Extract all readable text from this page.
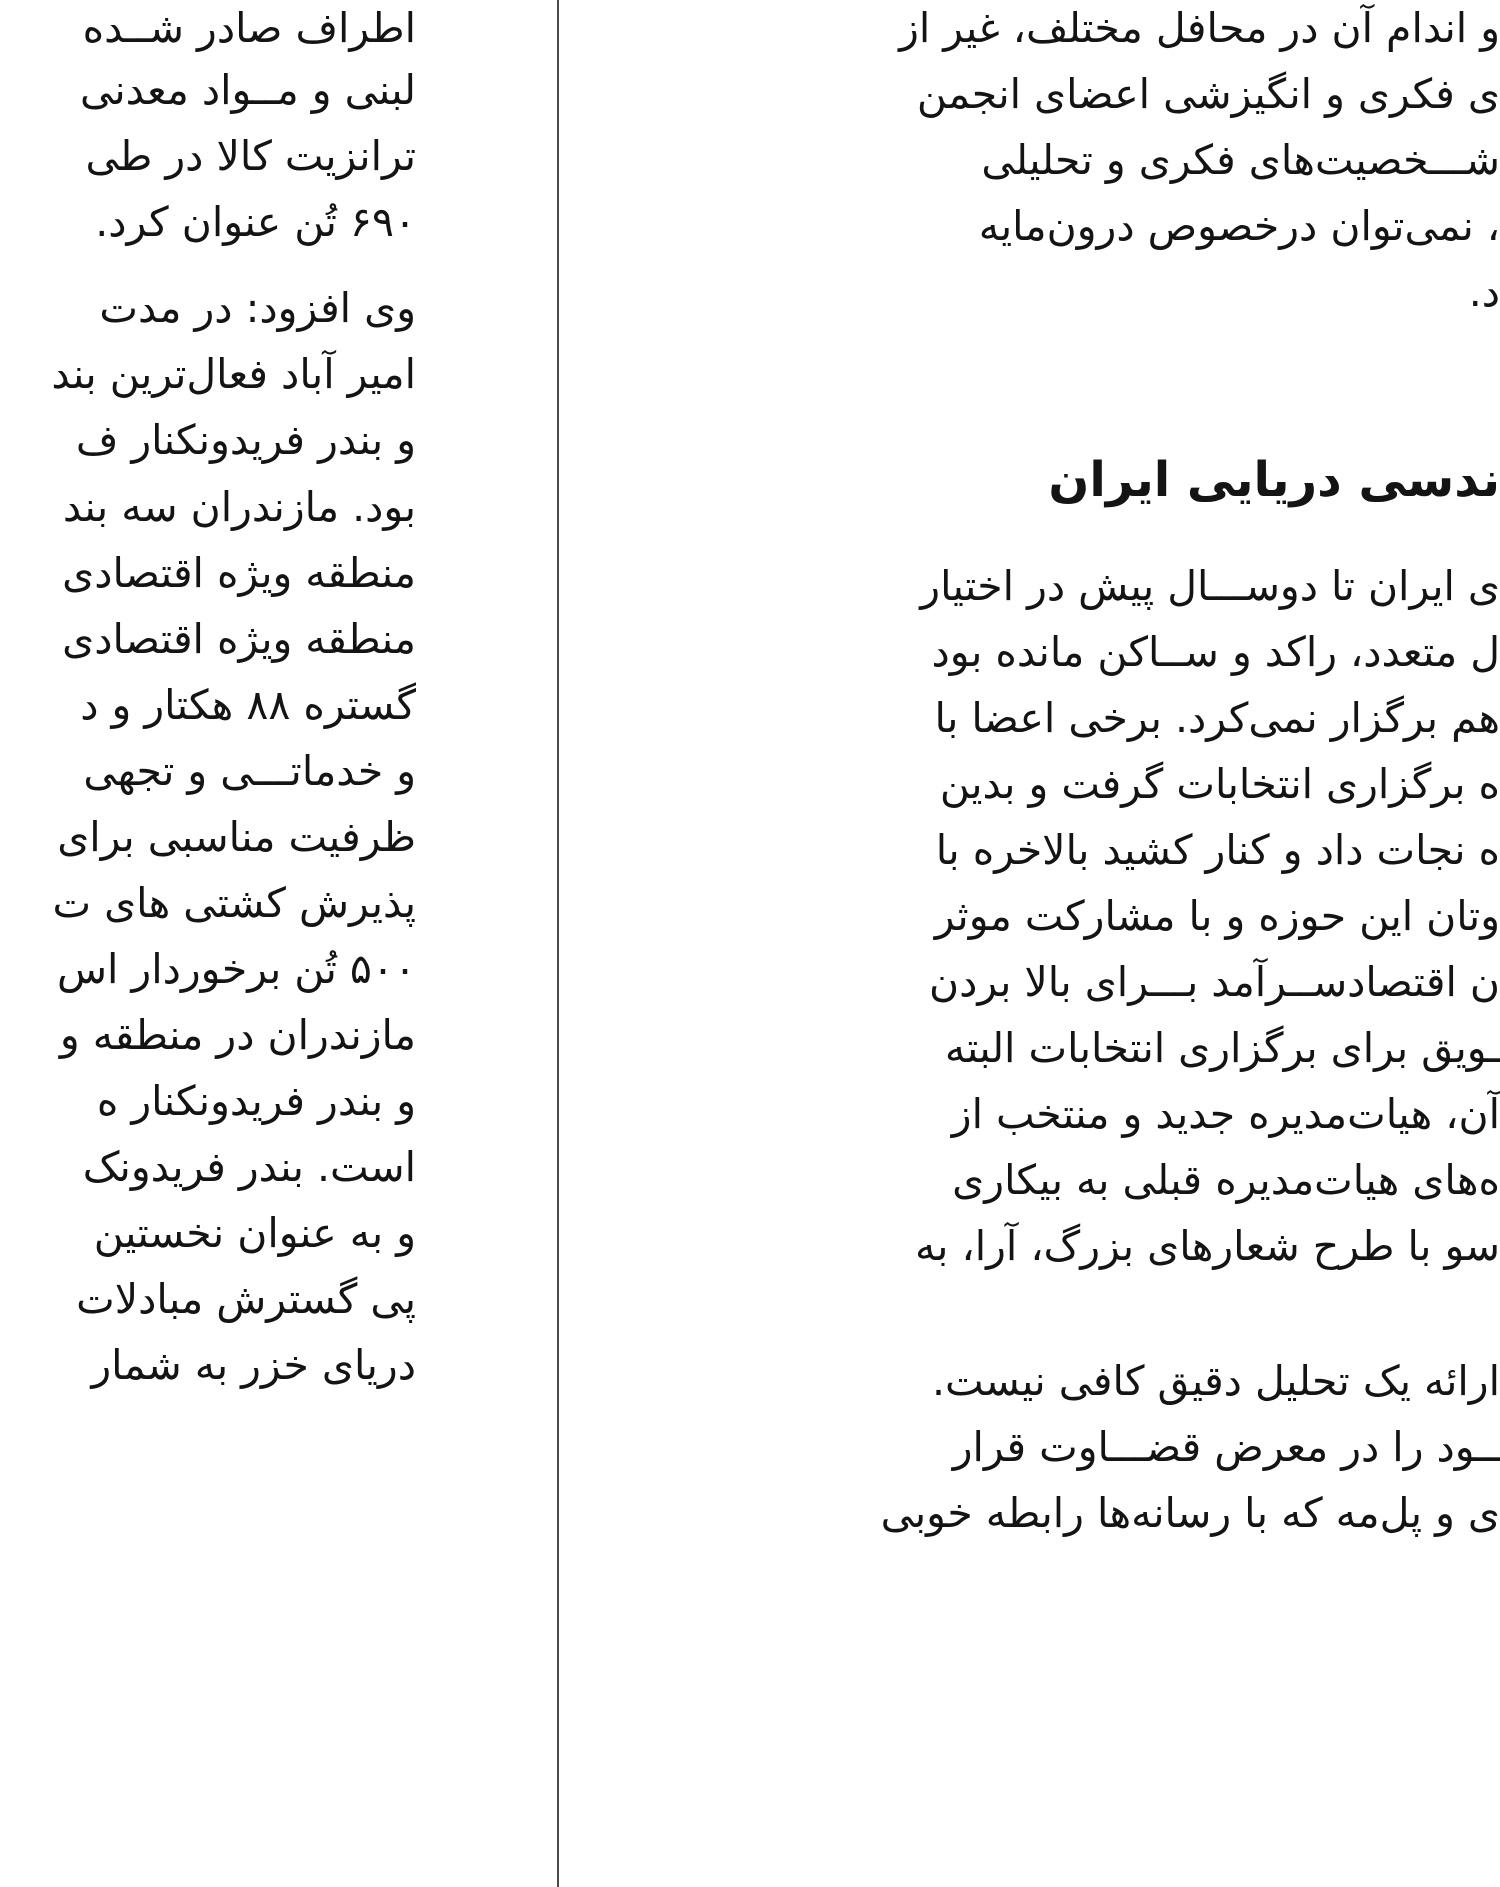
اطراف صادر شــده
لبنی و مــواد معدنی
ترانزیت کالا در طی
۶۹۰ تُن عنوان کرد.
وی افزود: در مدت
امیر آباد فعال‌ترین بند
و بندر فریدونکنار ف
بود. مازندران سه بند
منطقه ویژه اقتصادی
منطقه ویژه اقتصادی
گستره ۸۸ هکتار و د
و خدماتـــی و تجهی
ظرفیت مناسبی برای
پذیرش کشتی های ت
۵۰۰ تُن برخوردار اس
مازندران در منطقه و
و بندر فریدونکنار ه
است. بندر فریدونک
و به عنوان نخستین
پی گسترش مبادلات
دریای خزر به شمار
و اندام آن در محافل مختلف، غیر از
ی فکری و انگیزشی اعضای انجمن
شـــخصیت‌های فکری و تحلیلی
، نمی‌توان درخصوص درون‌مایه
د.
ندسی دریایی ایران
ی ایران تا دوســـال پیش در اختیار
ل متعدد، راکد و ســاکن مانده بود
هم برگزار نمی‌کرد. برخی اعضا با
ه برگزاری انتخابات گرفت و بدین
ه نجات داد و کنار کشید بالاخره با
وتان این حوزه و با مشارکت موثر
ن اقتصادســرآمد بـــرای بالا بردن
ـویق برای برگزاری انتخابات البته
آن، هیات‌مدیره جدید و منتخب از
ه‌های هیات‌مدیره قبلی به بیکاری
سو با طرح شعارهای بزرگ، آرا، به
ارائه یک تحلیل دقیق کافی نیست.
ــود را در معرض قضـــاوت قرار
ی و پل‌مه که با رسانه‌ها رابطه خوبی
